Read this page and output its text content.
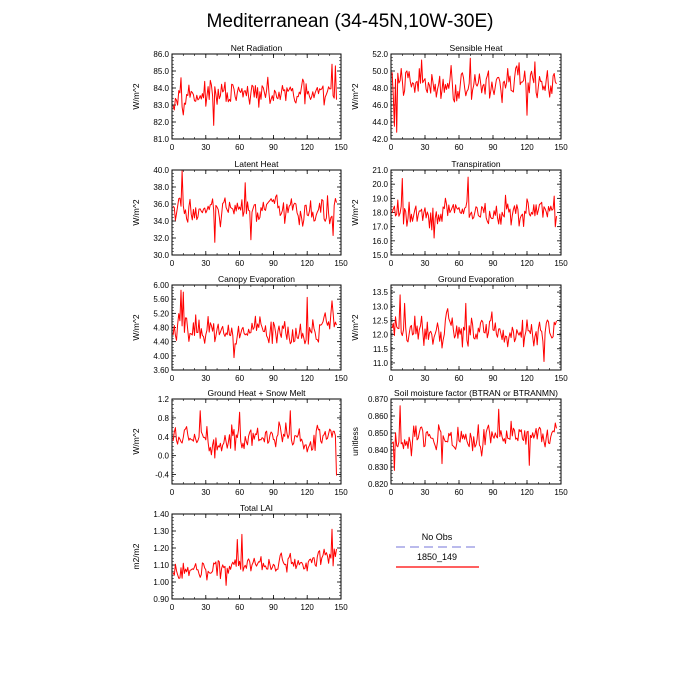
Mediterranean (34-45N,10W-30E)
Net Radiation
W/m^2
0	30	60	90	120	150
81.0
82.0
83.0
84.0
85.0
86.0
Sensible Heat
W/m^2
0	30	60	90	120	150
42.0
44.0
46.0
48.0
50.0
52.0
Latent Heat
W/m^2
0	30	60	90	120	150
30.0
32.0
34.0
36.0
38.0
40.0
Transpiration
W/m^2
0	30	60	90	120	150
15.0
16.0
17.0
18.0
19.0
20.0
21.0
Canopy Evaporation
W/m^2
0	30	60	90	120	150
3.60
4.00
4.40
4.80
5.20
5.60
6.00
Ground Evaporation
W/m^2
0	30	60	90	120	150
11.0
11.5
12.0
12.5
13.0
13.5
Ground Heat + Snow Melt
W/m^2
0	30	60	90	120	150
-0.4
0.0
0.4
0.8
1.2
Soil moisture factor (BTRAN or BTRANMN)
unitless
0	30	60	90	120	150
0.820
0.830
0.840
0.850
0.860
0.870
Total LAI
m2/m2
0	30	60	90	120	150
0.90
1.00
1.10
1.20
1.30
1.40
No Obs
1850_149
